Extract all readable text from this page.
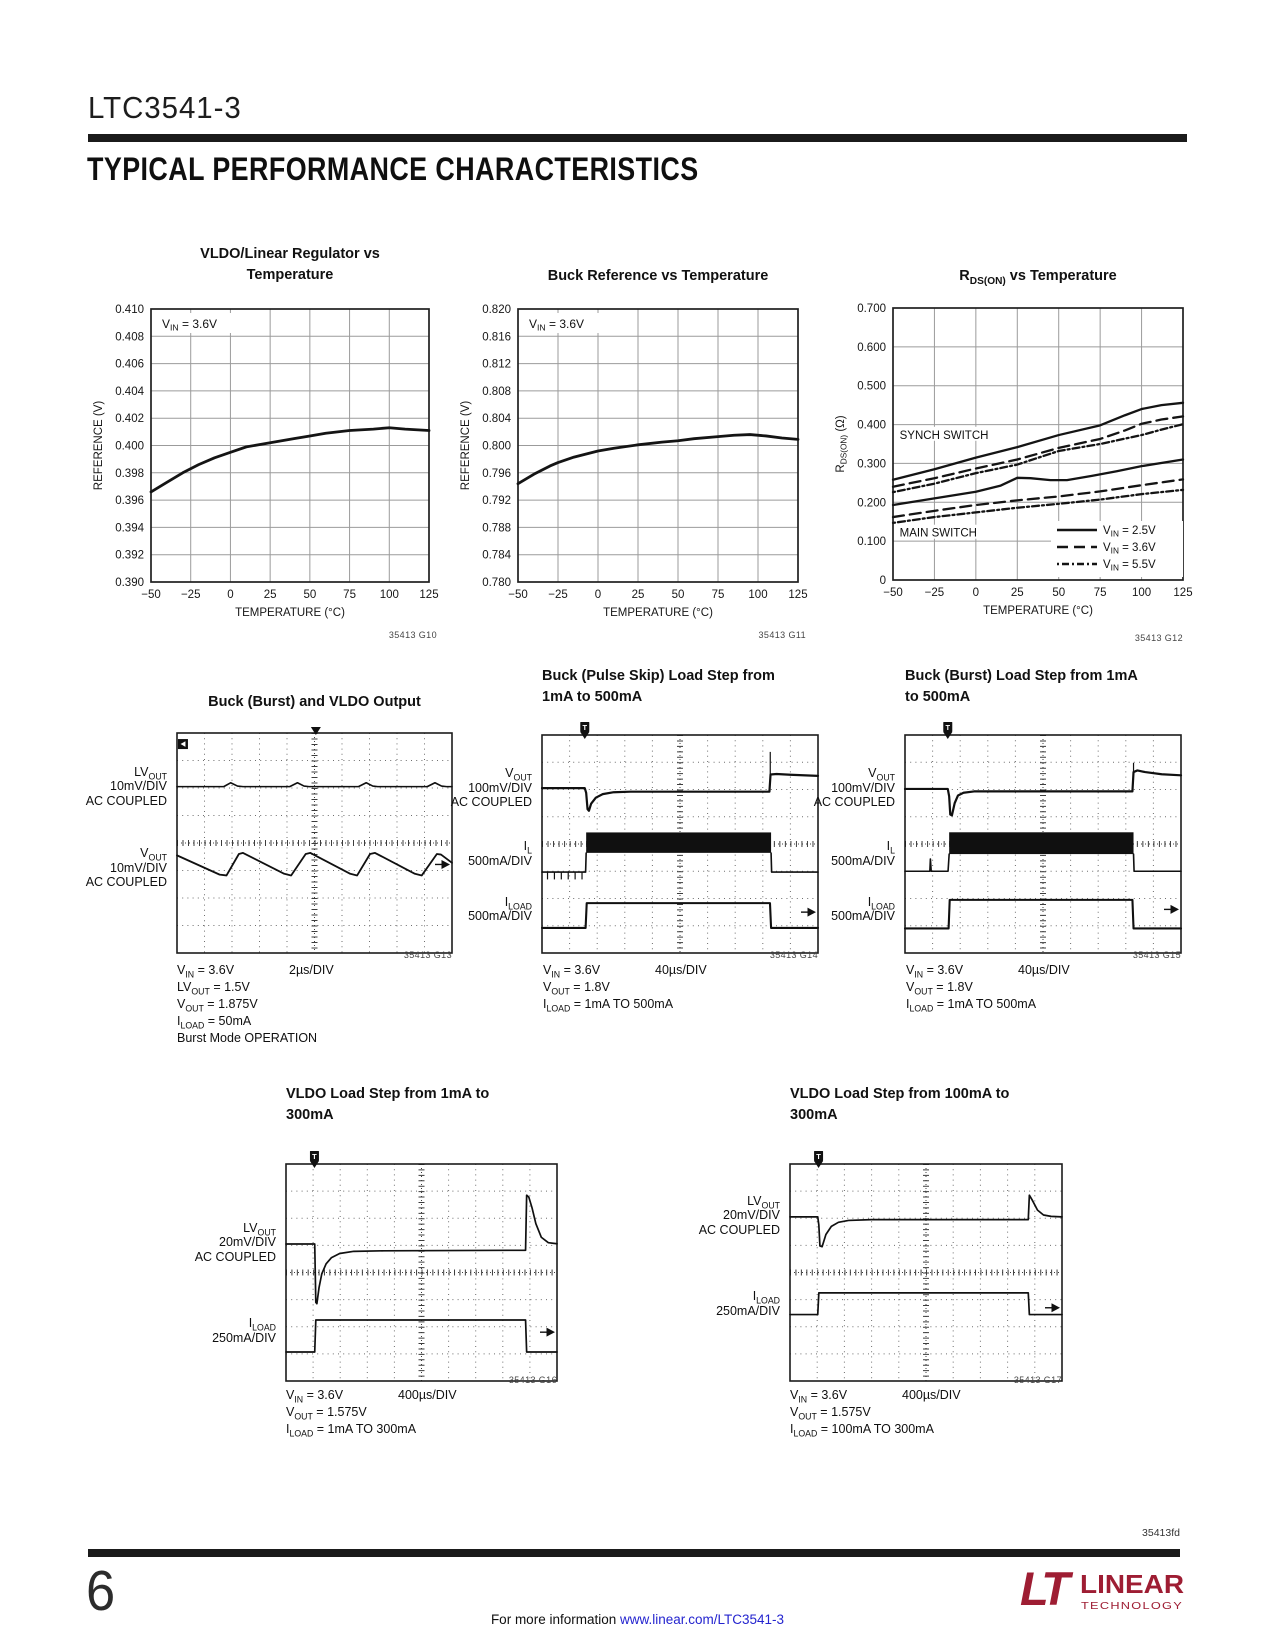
LTC3541-3
TYPICAL PERFORMANCE CHARACTERISTICS
VLDO/Linear Regulator vs
Temperature	Buck Reference vs Temperature	$R_{DS(ON)}$ vs Temperature
−50 −25 0	25 50 75 100 125
0.390
0.392
0.394
0.396
0.398
0.400
0.402
0.404
0.406
0.408
0.410
TEMPERATURE (°C)
REFERENCE (V)
$V_{IN} = 3.6V$
−50 −25 0	25 50 75 100 125
0.780
0.784
0.788
0.792
0.796
0.800
0.804
0.808
0.812
0.816
0.820
TEMPERATURE (°C)
REFERENCE (V)
$V_{IN} = 3.6V$
−50 −25 0	25 50 75 100 125
0
0.100
0.200
0.300
0.400
0.500
0.600
0.700
TEMPERATURE (°C)
$R_{DS(ON)}$ (Ω)
SYNCH SWITCH
MAIN SWITCH	$V_{IN} = 2.5V$
$V_{IN} = 3.6V$
$V_{IN} = 5.5V$
35413 G10	35413 G11	35413 G12
Buck (Burst) and VLDO Output
Buck (Pulse Skip) Load Step from
1mA to 500mA
Buck (Burst) Load Step from 1mA
to 500mA
VLDO Load Step from 1mA to
300mA
VLDO Load Step from 100mA to
300mA
T	T
T	T
35413 G13	35413 G14	35413 G15
35413 G16	35413 G17
$V_{IN} = 3.6V$	2µs/DIV
$LV_{OUT} = 1.5V$
$V_{OUT} = 1.875V$
$I_{LOAD} = 50mA$
Burst Mode OPERATION
$V_{IN} = 3.6V$	40µs/DIV
$V_{OUT} = 1.8V$
$I_{LOAD} = 1mA$ TO 500mA
$V_{IN} = 3.6V$	40µs/DIV
$V_{OUT} = 1.8V$
$I_{LOAD} = 1mA$ TO 500mA
$V_{IN} = 3.6V$	400µs/DIV
$V_{OUT} = 1.575V$
$I_{LOAD} = 1mA$ TO 300mA
$V_{IN} = 3.6V$	400µs/DIV
$V_{OUT} = 1.575V$
$I_{LOAD} = 100mA$ TO 300mA
35413fd
6	For more information www.linear.com/LTC3541-3
LT LINEAR
TECHNOLOGY
$LV_{OUT}$
10mV/DIV
AC COUPLED
$V_{OUT}$
10mV/DIV
AC COUPLED
$V_{OUT}$
100mV/DIV
AC COUPLED
$I_L$
500mA/DIV
$I_{LOAD}$
500mA/DIV
$V_{OUT}$
100mV/DIV
AC COUPLED
$I_L$
500mA/DIV
$I_{LOAD}$
500mA/DIV
$LV_{OUT}$
20mV/DIV
AC COUPLED
$I_{LOAD}$
250mA/DIV
$LV_{OUT}$
20mV/DIV
AC COUPLED
$I_{LOAD}$
250mA/DIV
